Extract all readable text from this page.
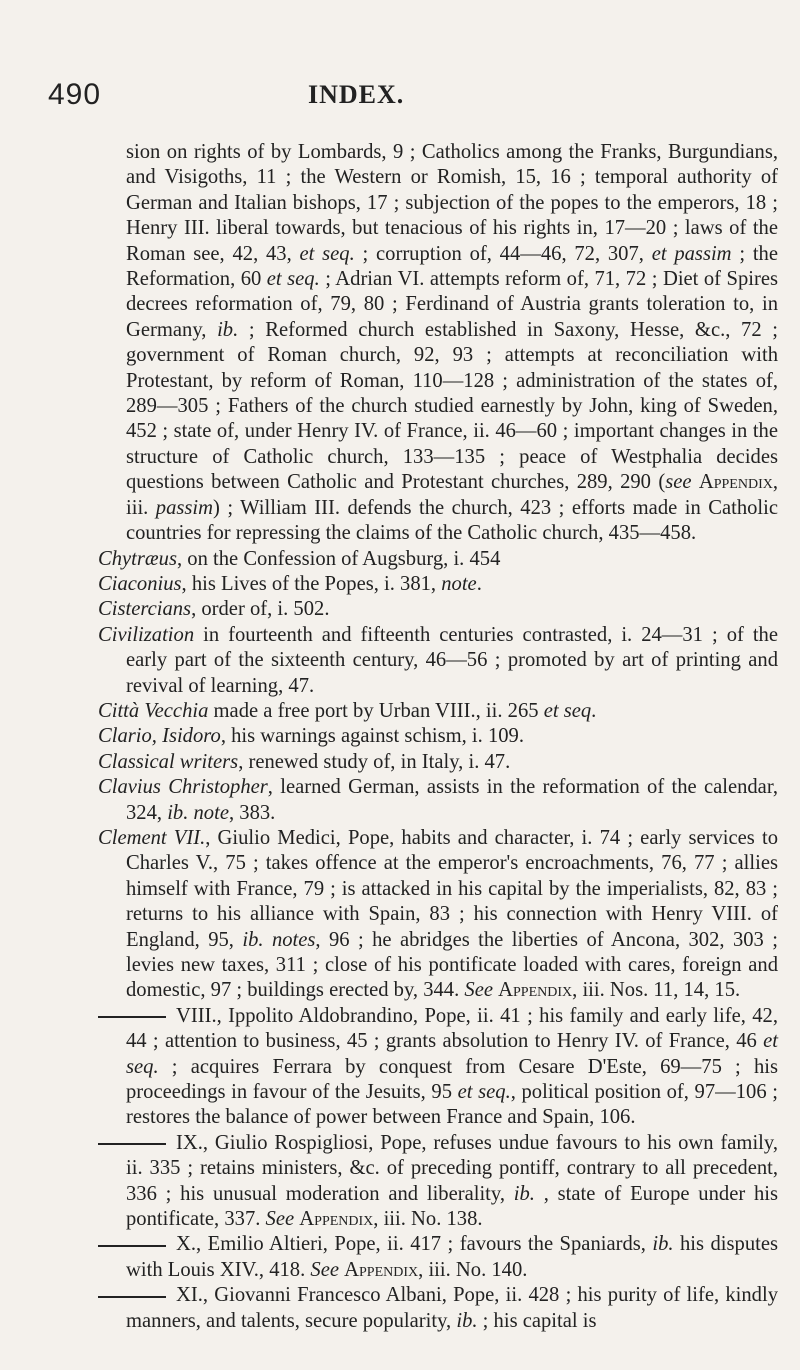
490	INDEX.

sion on rights of by Lombards, 9 ; Catholics among the Franks, Burgundians, and Visigoths, 11 ; the Western or Romish, 15, 16 ; temporal authority of German and Italian bishops, 17 ; subjection of the popes to the emperors, 18 ; Henry III. liberal towards, but tenacious of his rights in, 17—20 ; laws of the Roman see, 42, 43, et seq. ; corruption of, 44—46, 72, 307, et passim ; the Reformation, 60 et seq. ; Adrian VI. attempts reform of, 71, 72 ; Diet of Spires decrees reformation of, 79, 80 ; Ferdinand of Austria grants toleration to, in Germany, ib. ; Reformed church established in Saxony, Hesse, &c., 72 ; government of Roman church, 92, 93 ; attempts at reconciliation with Protestant, by reform of Roman, 110—128 ; administration of the states of, 289—305 ; Fathers of the church studied earnestly by John, king of Sweden, 452 ; state of, under Henry IV. of France, ii. 46—60 ; important changes in the structure of Catholic church, 133—135 ; peace of Westphalia decides questions between Catholic and Protestant churches, 289, 290 (see Appendix, iii. passim) ; William III. defends the church, 423 ; efforts made in Catholic countries for repressing the claims of the Catholic church, 435—458.

Chytræus, on the Confession of Augsburg, i. 454

Ciaconius, his Lives of the Popes, i. 381, note.

Cistercians, order of, i. 502.

Civilization in fourteenth and fifteenth centuries contrasted, i. 24—31 ; of the early part of the sixteenth century, 46—56 ; promoted by art of printing and revival of learning, 47.

Città Vecchia made a free port by Urban VIII., ii. 265 et seq.

Clario, Isidoro, his warnings against schism, i. 109.

Classical writers, renewed study of, in Italy, i. 47.

Clavius Christopher, learned German, assists in the reformation of the calendar, 324, ib. note, 383.

Clement VII., Giulio Medici, Pope, habits and character, i. 74 ; early services to Charles V., 75 ; takes offence at the emperor's encroachments, 76, 77 ; allies himself with France, 79 ; is attacked in his capital by the imperialists, 82, 83 ; returns to his alliance with Spain, 83 ; his connection with Henry VIII. of England, 95, ib. notes, 96 ; he abridges the liberties of Ancona, 302, 303 ; levies new taxes, 311 ; close of his pontificate loaded with cares, foreign and domestic, 97 ; buildings erected by, 344. See Appendix, iii. Nos. 11, 14, 15.

VIII., Ippolito Aldobrandino, Pope, ii. 41 ; his family and early life, 42, 44 ; attention to business, 45 ; grants absolution to Henry IV. of France, 46 et seq. ; acquires Ferrara by conquest from Cesare D'Este, 69—75 ; his proceedings in favour of the Jesuits, 95 et seq., political position of, 97—106 ; restores the balance of power between France and Spain, 106.

IX., Giulio Rospigliosi, Pope, refuses undue favours to his own family, ii. 335 ; retains ministers, &c. of preceding pontiff, contrary to all precedent, 336 ; his unusual moderation and liberality, ib. , state of Europe under his pontificate, 337. See Appendix, iii. No. 138.

X., Emilio Altieri, Pope, ii. 417 ; favours the Spaniards, ib. his disputes with Louis XIV., 418. See Appendix, iii. No. 140.

XI., Giovanni Francesco Albani, Pope, ii. 428 ; his purity of life, kindly manners, and talents, secure popularity, ib. ; his capital is
